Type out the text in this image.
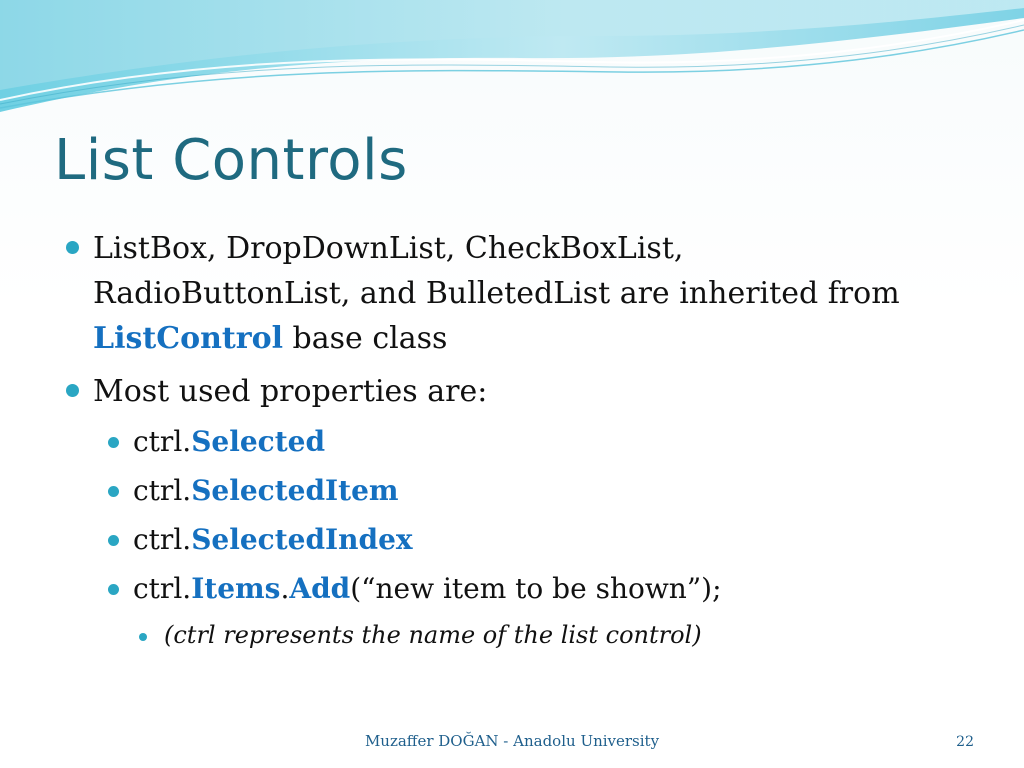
List Controls
ListBox, DropDownList, CheckBoxList,
RadioButtonList, and BulletedList are inherited from
ListControl base class
Most used properties are:
ctrl.Selected
ctrl.SelectedItem
ctrl.SelectedIndex
ctrl.Items.Add(“new item to be shown”);
(ctrl represents the name of the list control)
Muzaffer DOĞAN - Anadolu University	22
